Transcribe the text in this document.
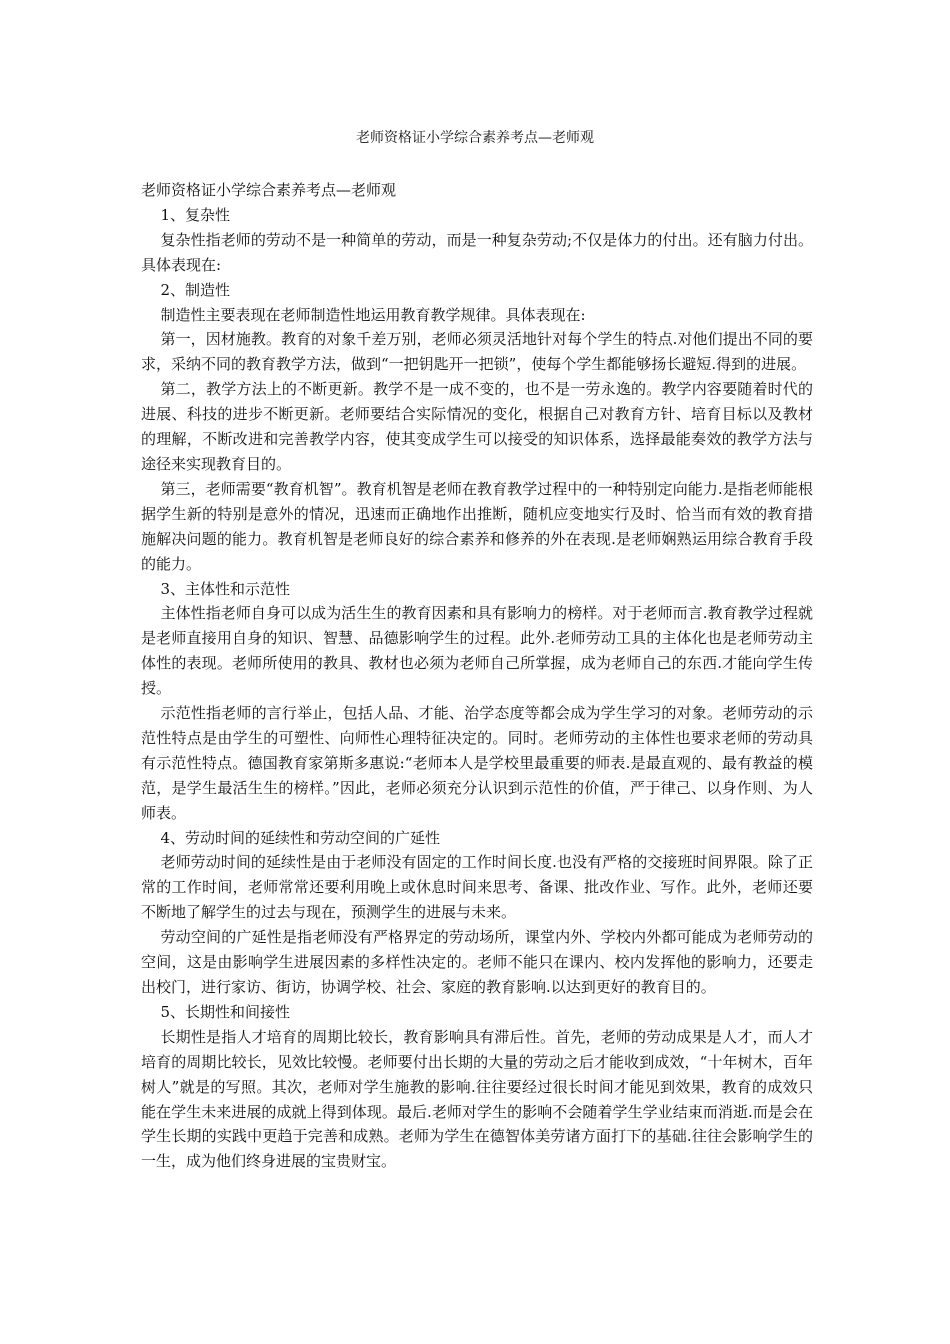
老师资格证小学综合素养考点—老师观

老师资格证小学综合素养考点—老师观

1、复杂性

复杂性指老师的劳动不是一种简单的劳动，而是一种复杂劳动;不仅是体力的付出。还有脑力付出。具体表现在:

2、制造性

制造性主要表现在老师制造性地运用教育教学规律。具体表现在:

第一，因材施教。教育的对象千差万别，老师必须灵活地针对每个学生的特点.对他们提出不同的要求，采纳不同的教育教学方法，做到“一把钥匙开一把锁”，使每个学生都能够扬长避短.得到的进展。

第二，教学方法上的不断更新。教学不是一成不变的，也不是一劳永逸的。教学内容要随着时代的进展、科技的进步不断更新。老师要结合实际情况的变化，根据自己对教育方针、培育目标以及教材的理解，不断改进和完善教学内容，使其变成学生可以接受的知识体系，选择最能奏效的教学方法与途径来实现教育目的。

第三，老师需要“教育机智”。教育机智是老师在教育教学过程中的一种特别定向能力.是指老师能根据学生新的特别是意外的情况，迅速而正确地作出推断，随机应变地实行及时、恰当而有效的教育措施解决问题的能力。教育机智是老师良好的综合素养和修养的外在表现.是老师娴熟运用综合教育手段的能力。

3、主体性和示范性

主体性指老师自身可以成为活生生的教育因素和具有影响力的榜样。对于老师而言.教育教学过程就是老师直接用自身的知识、智慧、品德影响学生的过程。此外.老师劳动工具的主体化也是老师劳动主体性的表现。老师所使用的教具、教材也必须为老师自己所掌握，成为老师自己的东西.才能向学生传授。

示范性指老师的言行举止，包括人品、才能、治学态度等都会成为学生学习的对象。老师劳动的示范性特点是由学生的可塑性、向师性心理特征决定的。同时。老师劳动的主体性也要求老师的劳动具有示范性特点。德国教育家第斯多惠说:“老师本人是学校里最重要的师表.是最直观的、最有教益的模范，是学生最活生生的榜样。”因此，老师必须充分认识到示范性的价值，严于律己、以身作则、为人师表。

4、劳动时间的延续性和劳动空间的广延性

老师劳动时间的延续性是由于老师没有固定的工作时间长度.也没有严格的交接班时间界限。除了正常的工作时间，老师常常还要利用晚上或休息时间来思考、备课、批改作业、写作。此外，老师还要不断地了解学生的过去与现在，预测学生的进展与未来。

劳动空间的广延性是指老师没有严格界定的劳动场所，课堂内外、学校内外都可能成为老师劳动的空间，这是由影响学生进展因素的多样性决定的。老师不能只在课内、校内发挥他的影响力，还要走出校门，进行家访、街访，协调学校、社会、家庭的教育影响.以达到更好的教育目的。

5、长期性和间接性

长期性是指人才培育的周期比较长，教育影响具有滞后性。首先，老师的劳动成果是人才，而人才培育的周期比较长，见效比较慢。老师要付出长期的大量的劳动之后才能收到成效，“十年树木，百年树人”就是的写照。其次，老师对学生施教的影响.往往要经过很长时间才能见到效果，教育的成效只能在学生未来进展的成就上得到体现。最后.老师对学生的影响不会随着学生学业结束而消逝.而是会在学生长期的实践中更趋于完善和成熟。老师为学生在德智体美劳诸方面打下的基础.往往会影响学生的一生，成为他们终身进展的宝贵财宝。
